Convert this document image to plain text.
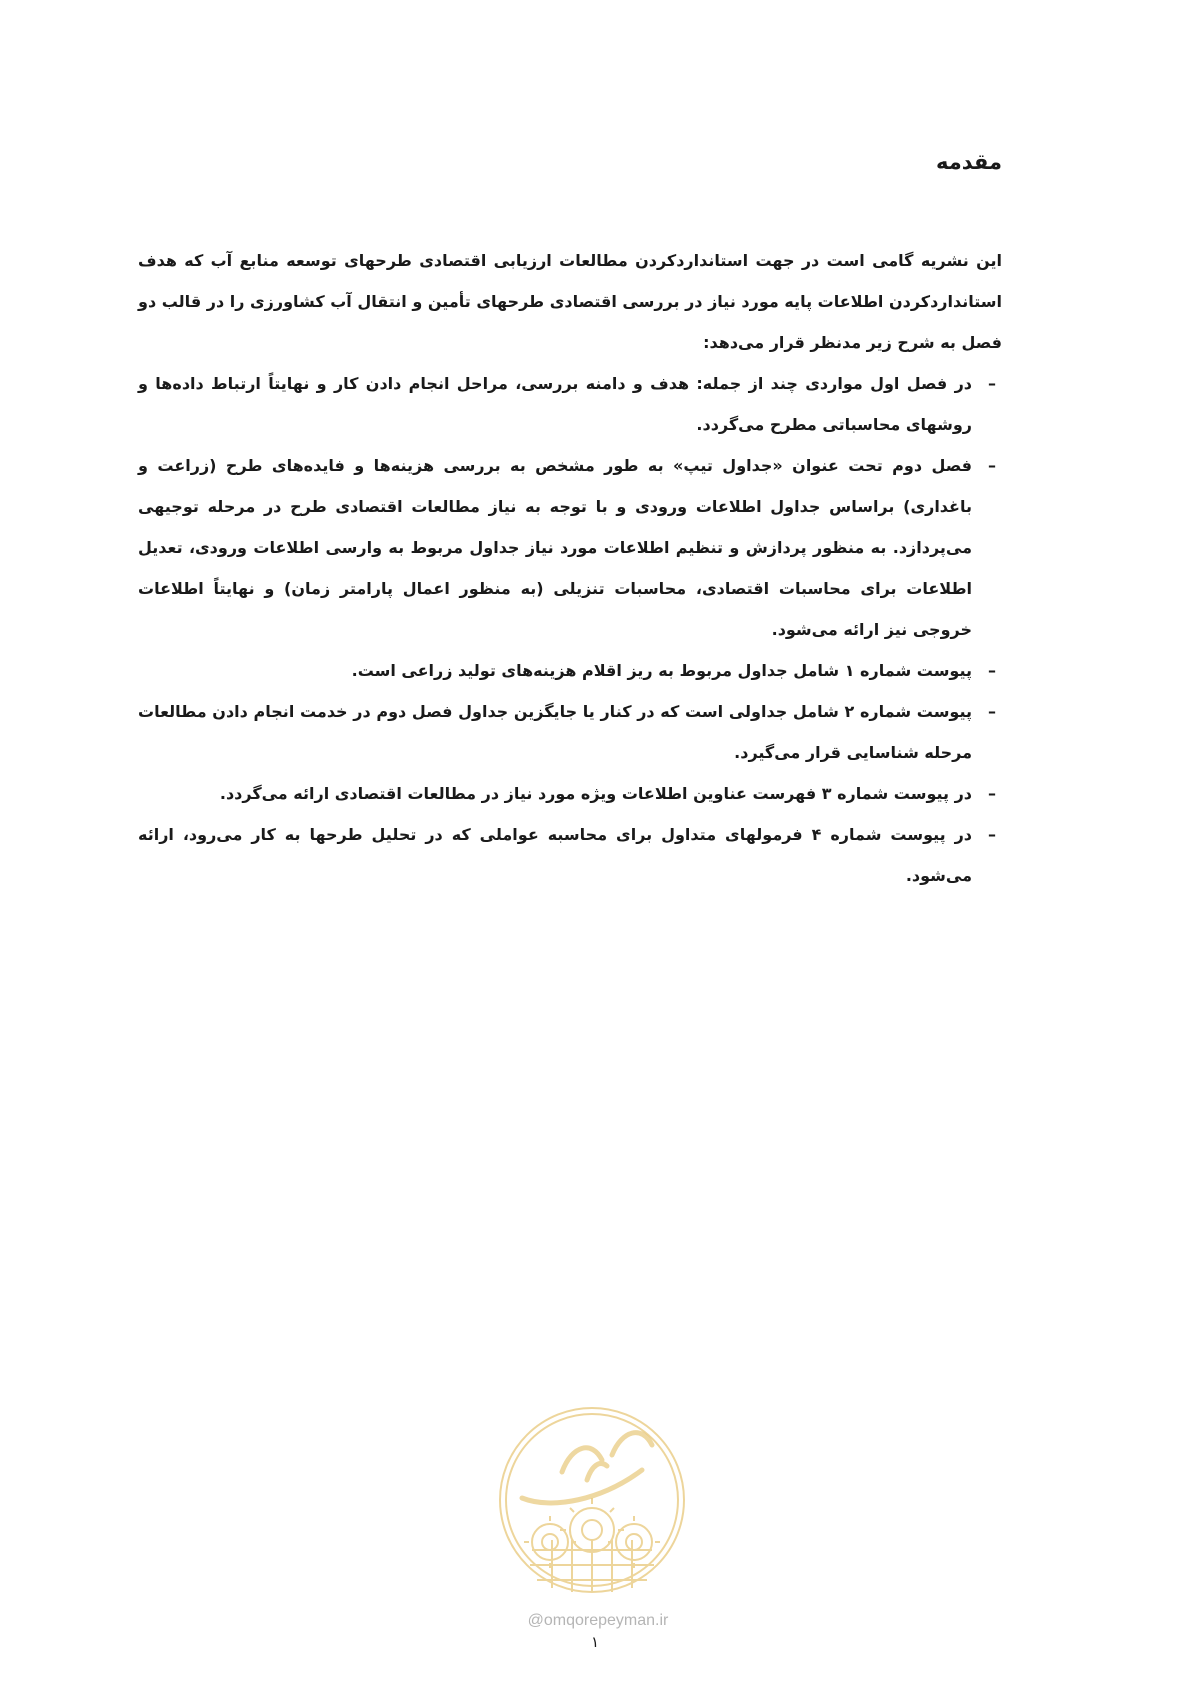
مقدمه

این نشریه گامی است در جهت استانداردکردن مطالعات ارزیابی اقتصادی طرحهای توسعه منابع آب که هدف استانداردکردن اطلاعات پایه مورد نیاز در بررسی اقتصادی طرحهای تأمین و انتقال آب کشاورزی را در قالب دو فصل به شرح زیر مدنظر قرار می‌دهد:

–
در فصل اول مواردی چند از جمله: هدف و دامنه بررسی، مراحل انجام دادن کار و نهایتاً ارتباط داده‌ها و روشهای محاسباتی مطرح می‌گردد.
–
فصل دوم تحت عنوان «جداول تیپ» به طور مشخص به بررسی هزینه‌ها و فایده‌های طرح (زراعت و باغداری) براساس جداول اطلاعات ورودی و با توجه به نیاز مطالعات اقتصادی طرح در مرحله توجیهی می‌پردازد. به منظور پردازش و تنظیم اطلاعات مورد نیاز جداول مربوط به وارسی اطلاعات ورودی، تعدیل اطلاعات برای محاسبات اقتصادی، محاسبات تنزیلی (به منظور اعمال پارامتر زمان) و نهایتاً اطلاعات خروجی نیز ارائه می‌شود.
–
پیوست شماره ۱ شامل جداول مربوط به ریز اقلام هزینه‌های تولید زراعی است.
–
پیوست شماره ۲ شامل جداولی است که در کنار یا جایگزین جداول فصل دوم در خدمت انجام دادن مطالعات مرحله شناسایی قرار می‌گیرد.
–
در پیوست شماره ۳ فهرست عناوین اطلاعات ویژه مورد نیاز در مطالعات اقتصادی ارائه می‌گردد.
–
در پیوست شماره ۴ فرمولهای متداول برای محاسبه عواملی که در تحلیل طرحها به کار می‌رود، ارائه می‌شود.
@omqorepeyman.ir
۱
